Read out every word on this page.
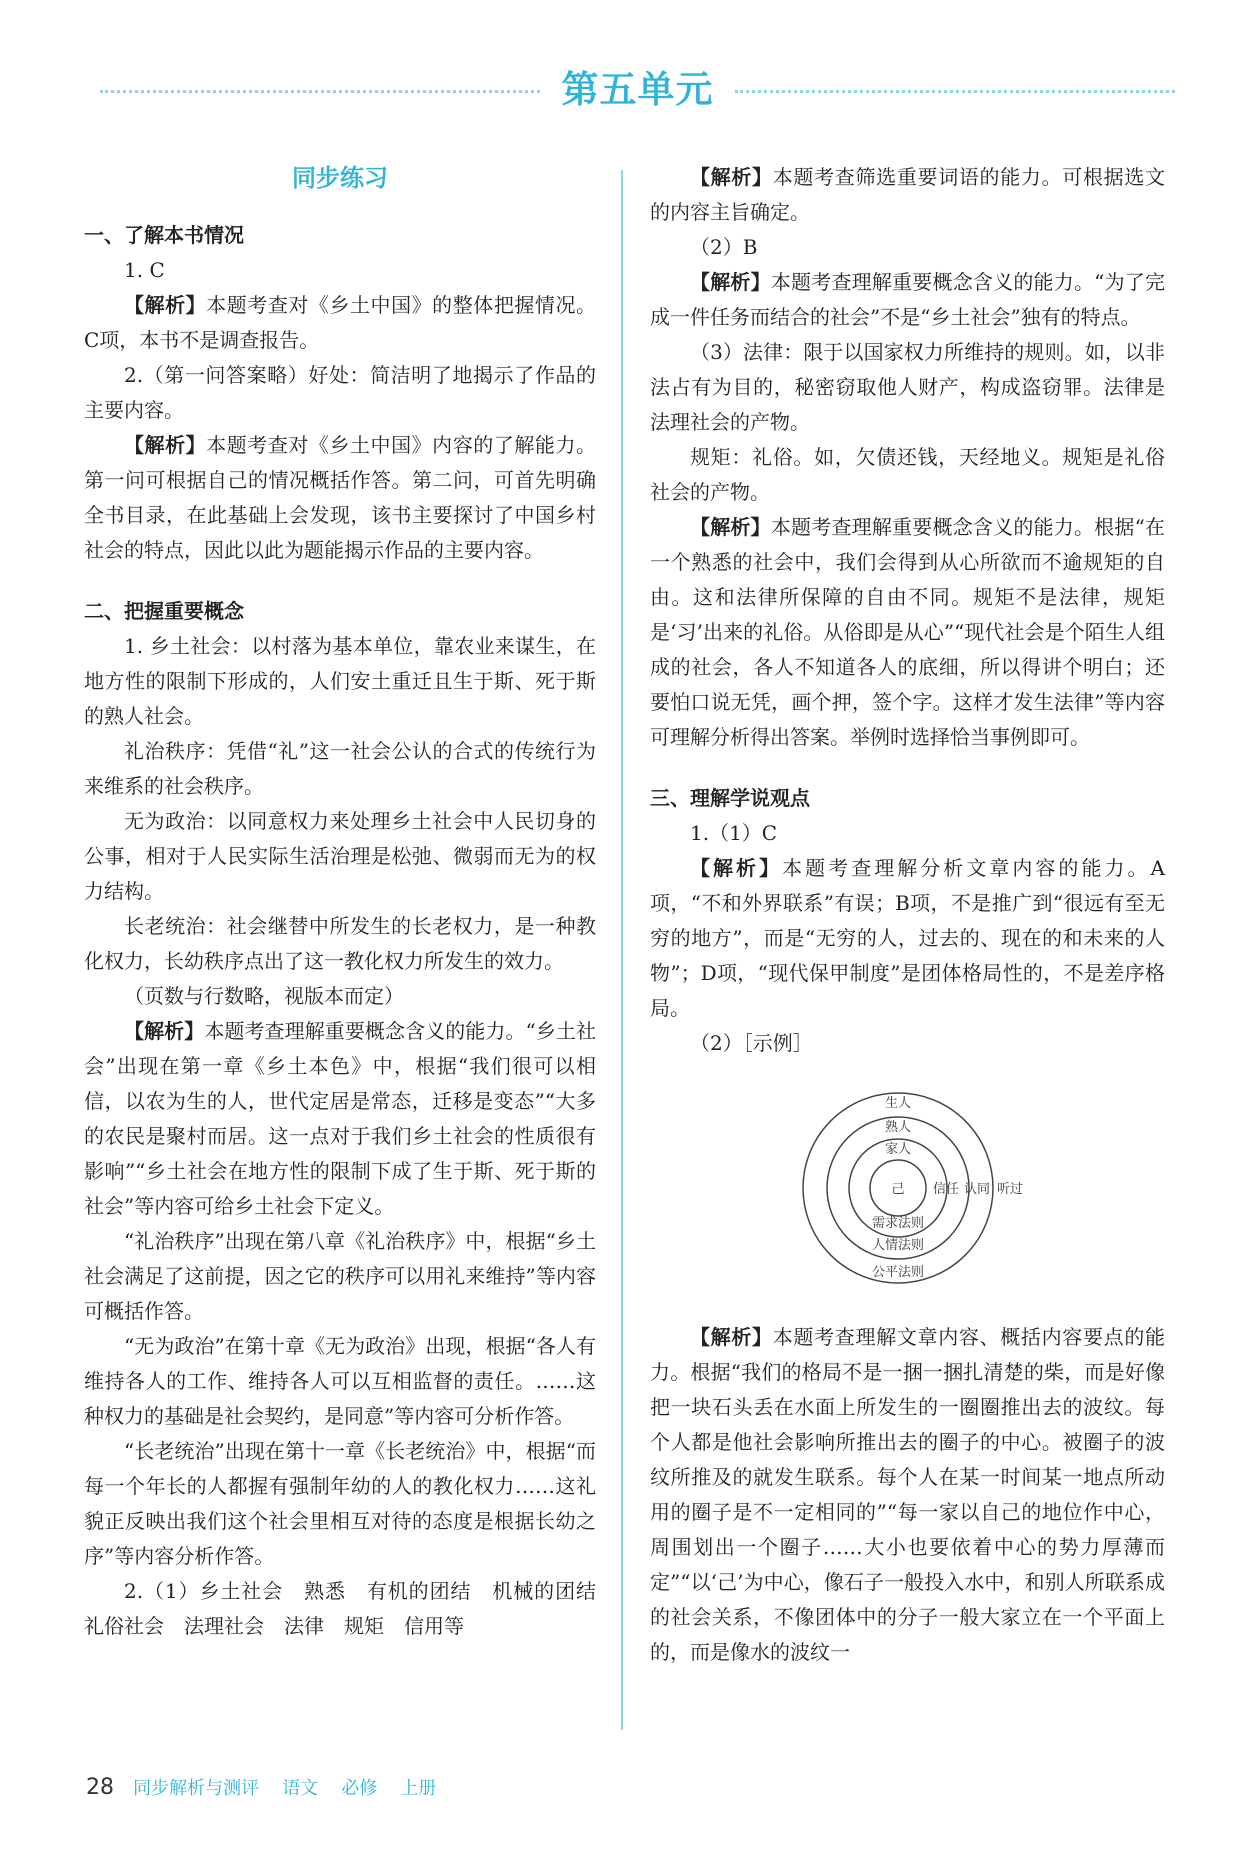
第五单元
同步练习
一、了解本书情况

1. C

【解析】本题考查对《乡土中国》的整体把握情况。C项，本书不是调查报告。

2.（第一问答案略）好处：简洁明了地揭示了作品的主要内容。

【解析】本题考查对《乡土中国》内容的了解能力。第一问可根据自己的情况概括作答。第二问，可首先明确全书目录，在此基础上会发现，该书主要探讨了中国乡村社会的特点，因此以此为题能揭示作品的主要内容。

二、把握重要概念

1. 乡土社会：以村落为基本单位，靠农业来谋生，在地方性的限制下形成的，人们安土重迁且生于斯、死于斯的熟人社会。

礼治秩序：凭借“礼”这一社会公认的合式的传统行为来维系的社会秩序。

无为政治：以同意权力来处理乡土社会中人民切身的公事，相对于人民实际生活治理是松弛、微弱而无为的权力结构。

长老统治：社会继替中所发生的长老权力，是一种教化权力，长幼秩序点出了这一教化权力所发生的效力。

（页数与行数略，视版本而定）

【解析】本题考查理解重要概念含义的能力。“乡土社会”出现在第一章《乡土本色》中，根据“我们很可以相信，以农为生的人，世代定居是常态，迁移是变态”“大多的农民是聚村而居。这一点对于我们乡土社会的性质很有影响”“乡土社会在地方性的限制下成了生于斯、死于斯的社会”等内容可给乡土社会下定义。

“礼治秩序”出现在第八章《礼治秩序》中，根据“乡土社会满足了这前提，因之它的秩序可以用礼来维持”等内容可概括作答。

“无为政治”在第十章《无为政治》出现，根据“各人有维持各人的工作、维持各人可以互相监督的责任。……这种权力的基础是社会契约，是同意”等内容可分析作答。

“长老统治”出现在第十一章《长老统治》中，根据“而每一个年长的人都握有强制年幼的人的教化权力……这礼貌正反映出我们这个社会里相互对待的态度是根据长幼之序”等内容分析作答。

2.（1）乡土社会　熟悉　有机的团结　机械的团结　礼俗社会　法理社会　法律　规矩　信用等

【解析】本题考查筛选重要词语的能力。可根据选文的内容主旨确定。

（2）B

【解析】本题考查理解重要概念含义的能力。“为了完成一件任务而结合的社会”不是“乡土社会”独有的特点。

（3）法律：限于以国家权力所维持的规则。如，以非法占有为目的，秘密窃取他人财产，构成盗窃罪。法律是法理社会的产物。

规矩：礼俗。如，欠债还钱，天经地义。规矩是礼俗社会的产物。

【解析】本题考查理解重要概念含义的能力。根据“在一个熟悉的社会中，我们会得到从心所欲而不逾规矩的自由。这和法律所保障的自由不同。规矩不是法律，规矩是‘习’出来的礼俗。从俗即是从心”“现代社会是个陌生人组成的社会，各人不知道各人的底细，所以得讲个明白；还要怕口说无凭，画个押，签个字。这样才发生法律”等内容可理解分析得出答案。举例时选择恰当事例即可。

三、理解学说观点

1.（1）C

【解析】本题考查理解分析文章内容的能力。A项，“不和外界联系”有误；B项，不是推广到“很远有至无穷的地方”，而是“无穷的人，过去的、现在的和未来的人物”；D项，“现代保甲制度”是团体格局性的，不是差序格局。

（2）［示例］

生人
熟人
家人
己 信任 认同 听过
需求法则
人情法则
公平法则

【解析】本题考查理解文章内容、概括内容要点的能力。根据“我们的格局不是一捆一捆扎清楚的柴，而是好像把一块石头丢在水面上所发生的一圈圈推出去的波纹。每个人都是他社会影响所推出去的圈子的中心。被圈子的波纹所推及的就发生联系。每个人在某一时间某一地点所动用的圈子是不一定相同的”“每一家以自己的地位作中心，周围划出一个圈子……大小也要依着中心的势力厚薄而定”“以‘己’为中心，像石子一般投入水中，和别人所联系成的社会关系，不像团体中的分子一般大家立在一个平面上的，而是像水的波纹一

28 同步解析与测评 语文 必修 上册
